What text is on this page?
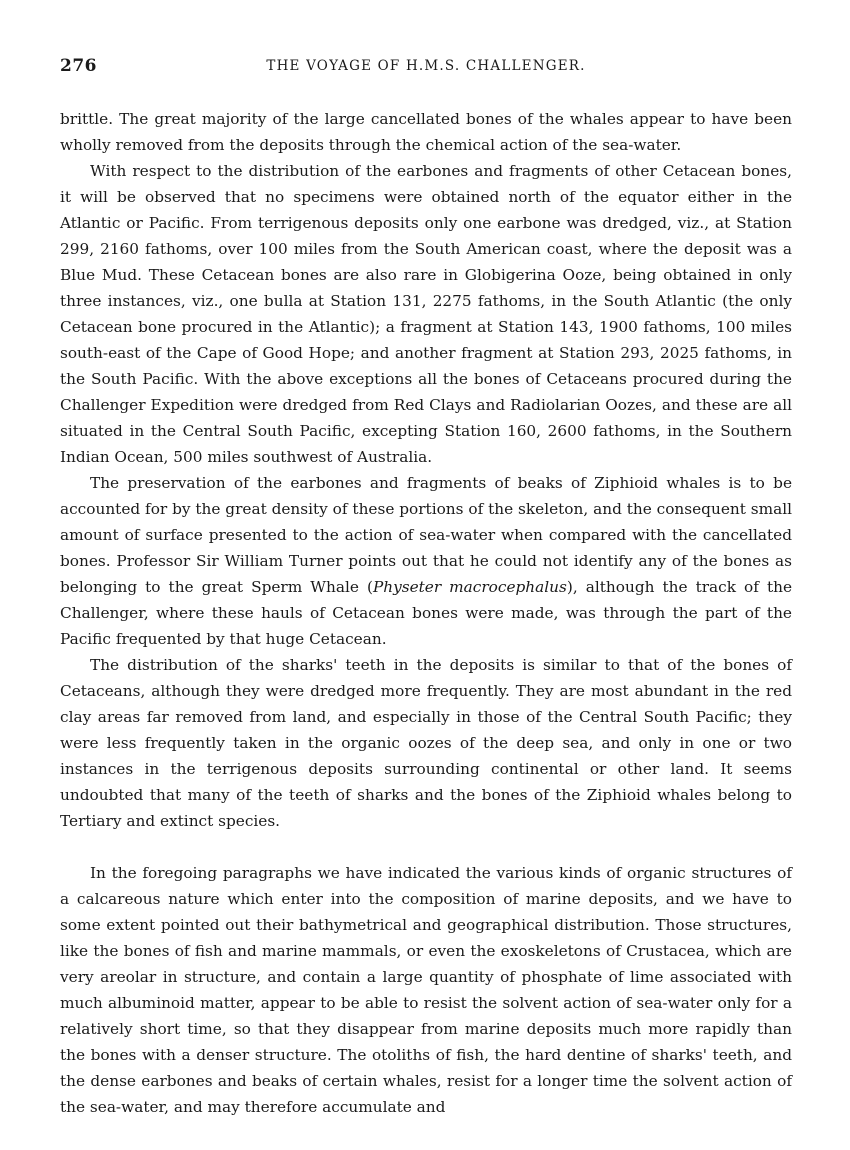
276	THE VOYAGE OF H.M.S. CHALLENGER.

brittle. The great majority of the large cancellated bones of the whales appear to have been wholly removed from the deposits through the chemical action of the sea-water.

With respect to the distribution of the earbones and fragments of other Cetacean bones, it will be observed that no specimens were obtained north of the equator either in the Atlantic or Pacific. From terrigenous deposits only one earbone was dredged, viz., at Station 299, 2160 fathoms, over 100 miles from the South American coast, where the deposit was a Blue Mud. These Cetacean bones are also rare in Globigerina Ooze, being obtained in only three instances, viz., one bulla at Station 131, 2275 fathoms, in the South Atlantic (the only Cetacean bone procured in the Atlantic); a fragment at Station 143, 1900 fathoms, 100 miles south-east of the Cape of Good Hope; and another fragment at Station 293, 2025 fathoms, in the South Pacific. With the above exceptions all the bones of Cetaceans procured during the Challenger Expedition were dredged from Red Clays and Radiolarian Oozes, and these are all situated in the Central South Pacific, excepting Station 160, 2600 fathoms, in the Southern Indian Ocean, 500 miles southwest of Australia.

The preservation of the earbones and fragments of beaks of Ziphioid whales is to be accounted for by the great density of these portions of the skeleton, and the consequent small amount of surface presented to the action of sea-water when compared with the cancellated bones. Professor Sir William Turner points out that he could not identify any of the bones as belonging to the great Sperm Whale (Physeter macrocephalus), although the track of the Challenger, where these hauls of Cetacean bones were made, was through the part of the Pacific frequented by that huge Cetacean.

The distribution of the sharks' teeth in the deposits is similar to that of the bones of Cetaceans, although they were dredged more frequently. They are most abundant in the red clay areas far removed from land, and especially in those of the Central South Pacific; they were less frequently taken in the organic oozes of the deep sea, and only in one or two instances in the terrigenous deposits surrounding continental or other land. It seems undoubted that many of the teeth of sharks and the bones of the Ziphioid whales belong to Tertiary and extinct species.

In the foregoing paragraphs we have indicated the various kinds of organic structures of a calcareous nature which enter into the composition of marine deposits, and we have to some extent pointed out their bathymetrical and geographical distribution. Those structures, like the bones of fish and marine mammals, or even the exoskeletons of Crustacea, which are very areolar in structure, and contain a large quantity of phosphate of lime associated with much albuminoid matter, appear to be able to resist the solvent action of sea-water only for a relatively short time, so that they disappear from marine deposits much more rapidly than the bones with a denser structure. The otoliths of fish, the hard dentine of sharks' teeth, and the dense earbones and beaks of certain whales, resist for a longer time the solvent action of the sea-water, and may therefore accumulate and
